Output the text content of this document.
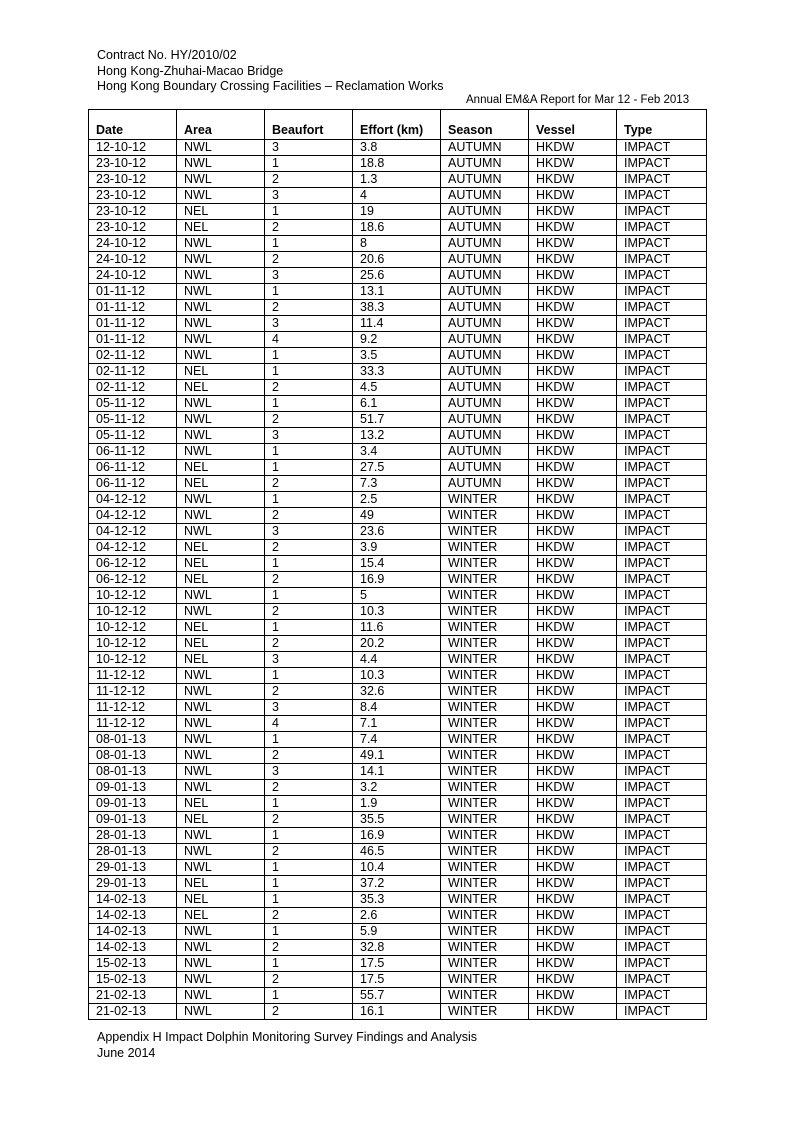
Contract No. HY/2010/02
Hong Kong-Zhuhai-Macao Bridge
Hong Kong Boundary Crossing Facilities – Reclamation Works
Annual EM&A Report for Mar 12 - Feb 2013
Date	Area	Beaufort	Effort (km)	Season	Vessel	Type
12-10-12	NWL	3	3.8	AUTUMN	HKDW	IMPACT
23-10-12	NWL	1	18.8	AUTUMN	HKDW	IMPACT
23-10-12	NWL	2	1.3	AUTUMN	HKDW	IMPACT
23-10-12	NWL	3	4	AUTUMN	HKDW	IMPACT
23-10-12	NEL	1	19	AUTUMN	HKDW	IMPACT
23-10-12	NEL	2	18.6	AUTUMN	HKDW	IMPACT
24-10-12	NWL	1	8	AUTUMN	HKDW	IMPACT
24-10-12	NWL	2	20.6	AUTUMN	HKDW	IMPACT
24-10-12	NWL	3	25.6	AUTUMN	HKDW	IMPACT
01-11-12	NWL	1	13.1	AUTUMN	HKDW	IMPACT
01-11-12	NWL	2	38.3	AUTUMN	HKDW	IMPACT
01-11-12	NWL	3	11.4	AUTUMN	HKDW	IMPACT
01-11-12	NWL	4	9.2	AUTUMN	HKDW	IMPACT
02-11-12	NWL	1	3.5	AUTUMN	HKDW	IMPACT
02-11-12	NEL	1	33.3	AUTUMN	HKDW	IMPACT
02-11-12	NEL	2	4.5	AUTUMN	HKDW	IMPACT
05-11-12	NWL	1	6.1	AUTUMN	HKDW	IMPACT
05-11-12	NWL	2	51.7	AUTUMN	HKDW	IMPACT
05-11-12	NWL	3	13.2	AUTUMN	HKDW	IMPACT
06-11-12	NWL	1	3.4	AUTUMN	HKDW	IMPACT
06-11-12	NEL	1	27.5	AUTUMN	HKDW	IMPACT
06-11-12	NEL	2	7.3	AUTUMN	HKDW	IMPACT
04-12-12	NWL	1	2.5	WINTER	HKDW	IMPACT
04-12-12	NWL	2	49	WINTER	HKDW	IMPACT
04-12-12	NWL	3	23.6	WINTER	HKDW	IMPACT
04-12-12	NEL	2	3.9	WINTER	HKDW	IMPACT
06-12-12	NEL	1	15.4	WINTER	HKDW	IMPACT
06-12-12	NEL	2	16.9	WINTER	HKDW	IMPACT
10-12-12	NWL	1	5	WINTER	HKDW	IMPACT
10-12-12	NWL	2	10.3	WINTER	HKDW	IMPACT
10-12-12	NEL	1	11.6	WINTER	HKDW	IMPACT
10-12-12	NEL	2	20.2	WINTER	HKDW	IMPACT
10-12-12	NEL	3	4.4	WINTER	HKDW	IMPACT
11-12-12	NWL	1	10.3	WINTER	HKDW	IMPACT
11-12-12	NWL	2	32.6	WINTER	HKDW	IMPACT
11-12-12	NWL	3	8.4	WINTER	HKDW	IMPACT
11-12-12	NWL	4	7.1	WINTER	HKDW	IMPACT
08-01-13	NWL	1	7.4	WINTER	HKDW	IMPACT
08-01-13	NWL	2	49.1	WINTER	HKDW	IMPACT
08-01-13	NWL	3	14.1	WINTER	HKDW	IMPACT
09-01-13	NWL	2	3.2	WINTER	HKDW	IMPACT
09-01-13	NEL	1	1.9	WINTER	HKDW	IMPACT
09-01-13	NEL	2	35.5	WINTER	HKDW	IMPACT
28-01-13	NWL	1	16.9	WINTER	HKDW	IMPACT
28-01-13	NWL	2	46.5	WINTER	HKDW	IMPACT
29-01-13	NWL	1	10.4	WINTER	HKDW	IMPACT
29-01-13	NEL	1	37.2	WINTER	HKDW	IMPACT
14-02-13	NEL	1	35.3	WINTER	HKDW	IMPACT
14-02-13	NEL	2	2.6	WINTER	HKDW	IMPACT
14-02-13	NWL	1	5.9	WINTER	HKDW	IMPACT
14-02-13	NWL	2	32.8	WINTER	HKDW	IMPACT
15-02-13	NWL	1	17.5	WINTER	HKDW	IMPACT
15-02-13	NWL	2	17.5	WINTER	HKDW	IMPACT
21-02-13	NWL	1	55.7	WINTER	HKDW	IMPACT
21-02-13	NWL	2	16.1	WINTER	HKDW	IMPACT
Appendix H Impact Dolphin Monitoring Survey Findings and Analysis
June 2014
